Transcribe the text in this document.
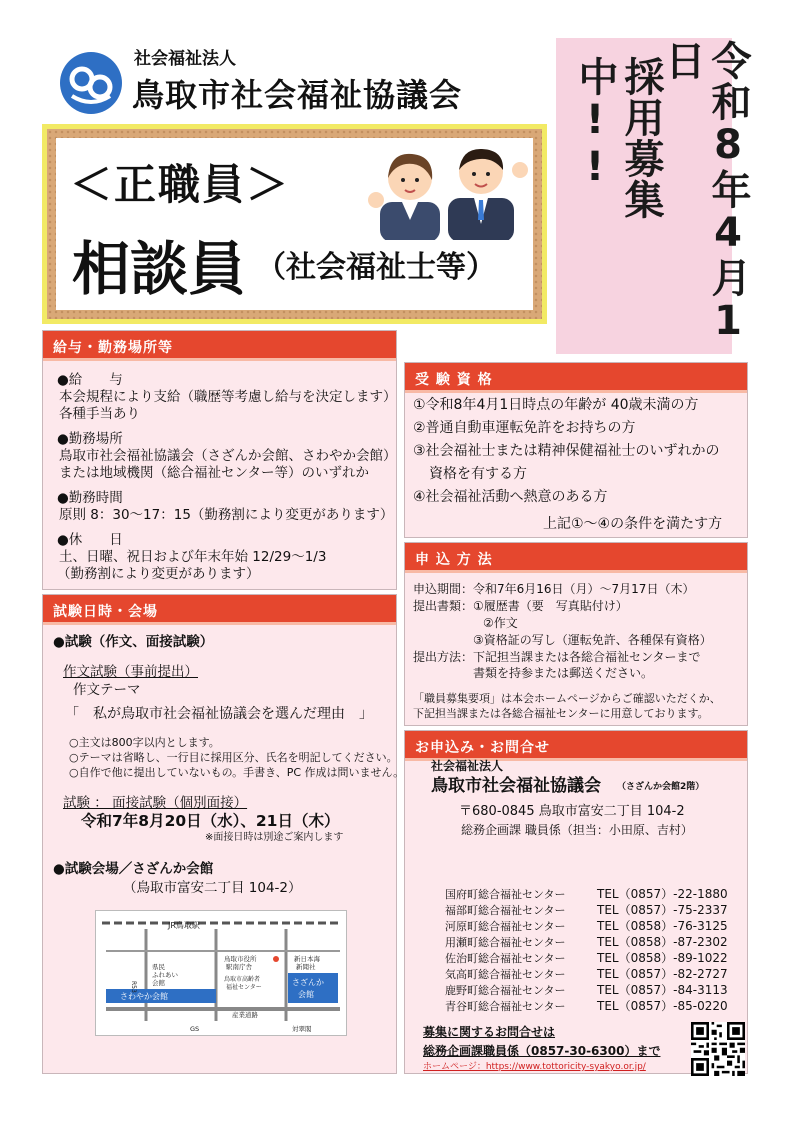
社会福祉法人
鳥取市社会福祉協議会
＜正職員＞
相談員 （社会福祉士等）	令和8年4月1日
採用募集中!!
給与・勤務場所等
●給　　与
本会規程により支給（職歴等考慮し給与を決定します）
各種手当あり
●勤務場所
鳥取市社会福祉協議会（さざんか会館、さわやか会館）
または地域機関（総合福祉センター等）のいずれか
●勤務時間
原則 8：30～17：15（勤務割により変更があります）
●休　　日
土、日曜、祝日および年末年始 12/29～1/3
（勤務割により変更があります）
試験日時・会場
●試験（作文、面接試験）
作文試験（事前提出）
作文テーマ
「　私が鳥取市社会福祉協議会を選んだ理由　」
○主文は800字以内とします。
○テーマは省略し、一行目に採用区分、氏名を明記してください。
○自作で他に提出していないもの。手書き、PC 作成は問いません。
試験 ： 面接試験（個別面接）
令和7年8月20日（水）、21日（木）
※面接日時は別途ご案内します
●試験会場／さざんか会館
（鳥取市富安二丁目 104-2）
JR鳥取駅
さわやか会館
さざんか
会館
鳥取市役所
駅南庁舎
新日本海
新聞社
鳥取市高齢者
福祉センター
県民
ふれあい
会館
R53
産業道路
GS	対翠閣
受 験 資 格
①令和8年4月1日時点の年齢が 40歳未満の方
②普通自動車運転免許をお持ちの方
③社会福祉士または精神保健福祉士のいずれかの
資格を有する方
④社会福祉活動へ熱意のある方
上記①～④の条件を満たす方
申 込 方 法
申込期間：令和7年6月16日（月）～7月17日（木）
提出書類：①履歴書（要　写真貼付け）
②作文
③資格証の写し（運転免許、各種保有資格）
提出方法：下記担当課または各総合福祉センターまで
書類を持参または郵送ください。
「職員募集要項」は本会ホームページからご確認いただくか、
下記担当課または各総合福祉センターに用意しております。
お申込み・お問合せ
社会福祉法人
鳥取市社会福祉協議会 （さざんか会館2階）
〒680-0845 鳥取市富安二丁目 104-2
総務企画課 職員係（担当：小田原、吉村）
国府町総合福祉センター	TEL（0857）-22-1880
福部町総合福祉センター	TEL（0857）-75-2337
河原町総合福祉センター	TEL（0858）-76-3125
用瀬町総合福祉センター	TEL（0858）-87-2302
佐治町総合福祉センター	TEL（0858）-89-1022
気高町総合福祉センター	TEL（0857）-82-2727
鹿野町総合福祉センター	TEL（0857）-84-3113
青谷町総合福祉センター	TEL（0857）-85-0220
募集に関するお問合せは
総務企画課職員係（0857-30-6300）まで
ホームページ：https://www.tottoricity-syakyo.or.jp/
